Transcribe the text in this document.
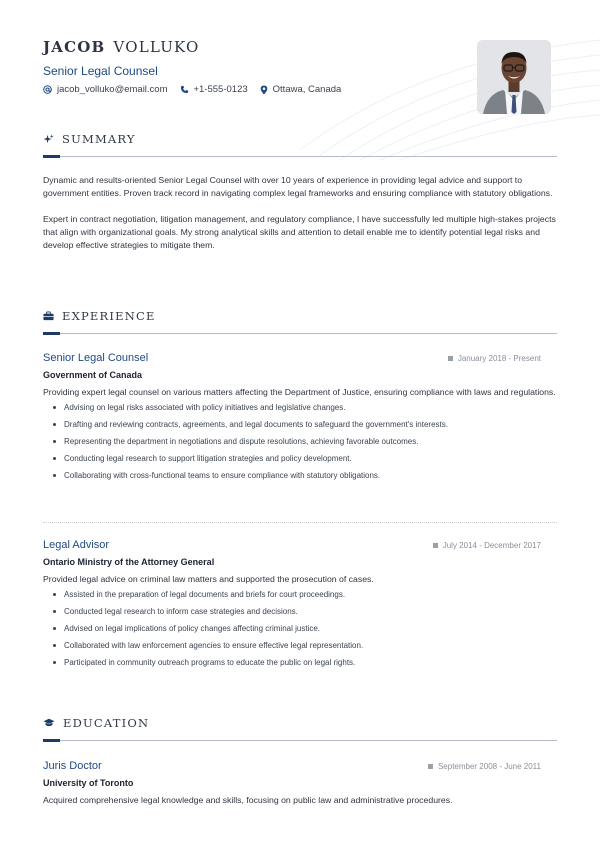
JACOB VOLLUKO
Senior Legal Counsel
jacob_volluko@email.com	+1-555-0123	Ottawa, Canada
SUMMARY

Dynamic and results-oriented Senior Legal Counsel with over 10 years of experience in providing legal advice and support to government entities. Proven track record in navigating complex legal frameworks and ensuring compliance with statutory obligations.

Expert in contract negotiation, litigation management, and regulatory compliance, I have successfully led multiple high-stakes projects that align with organizational goals. My strong analytical skills and attention to detail enable me to identify potential legal risks and develop effective strategies to mitigate them.

EXPERIENCE
Senior Legal Counsel	January 2018 - Present
Government of Canada

Providing expert legal counsel on various matters affecting the Department of Justice, ensuring compliance with laws and regulations.

Advising on legal risks associated with policy initiatives and legislative changes.
Drafting and reviewing contracts, agreements, and legal documents to safeguard the government's interests.
Representing the department in negotiations and dispute resolutions, achieving favorable outcomes.
Conducting legal research to support litigation strategies and policy development.
Collaborating with cross-functional teams to ensure compliance with statutory obligations.
Legal Advisor	July 2014 - December 2017
Ontario Ministry of the Attorney General

Provided legal advice on criminal law matters and supported the prosecution of cases.

Assisted in the preparation of legal documents and briefs for court proceedings.
Conducted legal research to inform case strategies and decisions.
Advised on legal implications of policy changes affecting criminal justice.
Collaborated with law enforcement agencies to ensure effective legal representation.
Participated in community outreach programs to educate the public on legal rights.
EDUCATION
Juris Doctor	September 2008 - June 2011
University of Toronto

Acquired comprehensive legal knowledge and skills, focusing on public law and administrative procedures.
